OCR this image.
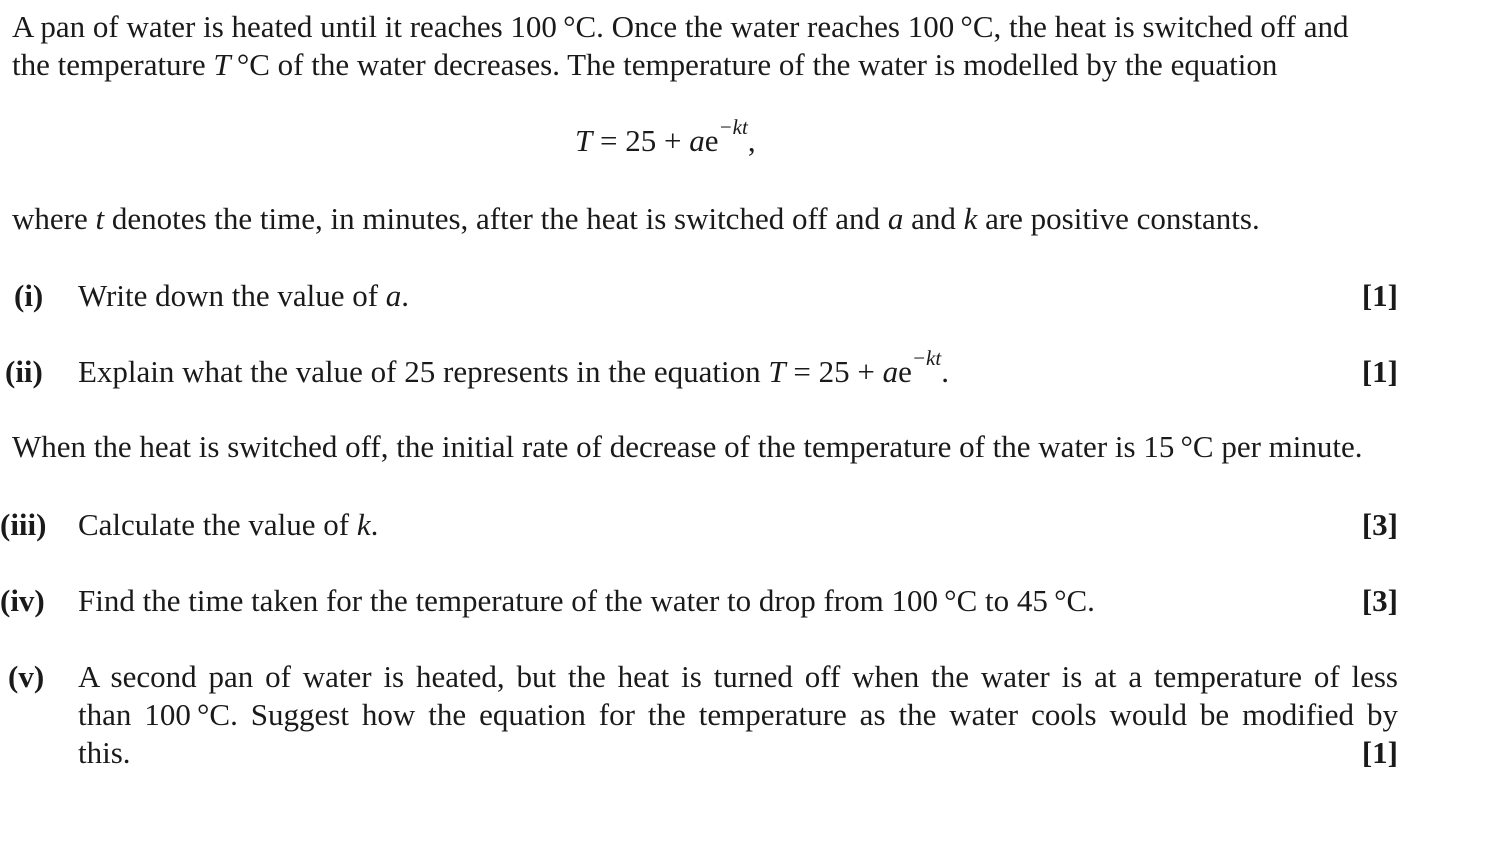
A pan of water is heated until it reaches 100 °C. Once the water reaches 100 °C, the heat is switched off and
the temperature T °C of the water decreases. The temperature of the water is modelled by the equation
$T = 25 + ae^{-kt}$,
where t denotes the time, in minutes, after the heat is switched off and a and k are positive constants.
(i) Write down the value of a.	[1]
(ii) Explain what the value of 25 represents in the equation $T = 25 + ae^{-kt}$.	[1]
When the heat is switched off, the initial rate of decrease of the temperature of the water is 15 °C per minute.
(iii) Calculate the value of k.	[3]
(iv) Find the time taken for the temperature of the water to drop from 100 °C to 45 °C.	[3]
(v) A second pan of water is heated, but the heat is turned off when the water is at a temperature of less
than 100 °C. Suggest how the equation for the temperature as the water cools would be modified by
this.	[1]
